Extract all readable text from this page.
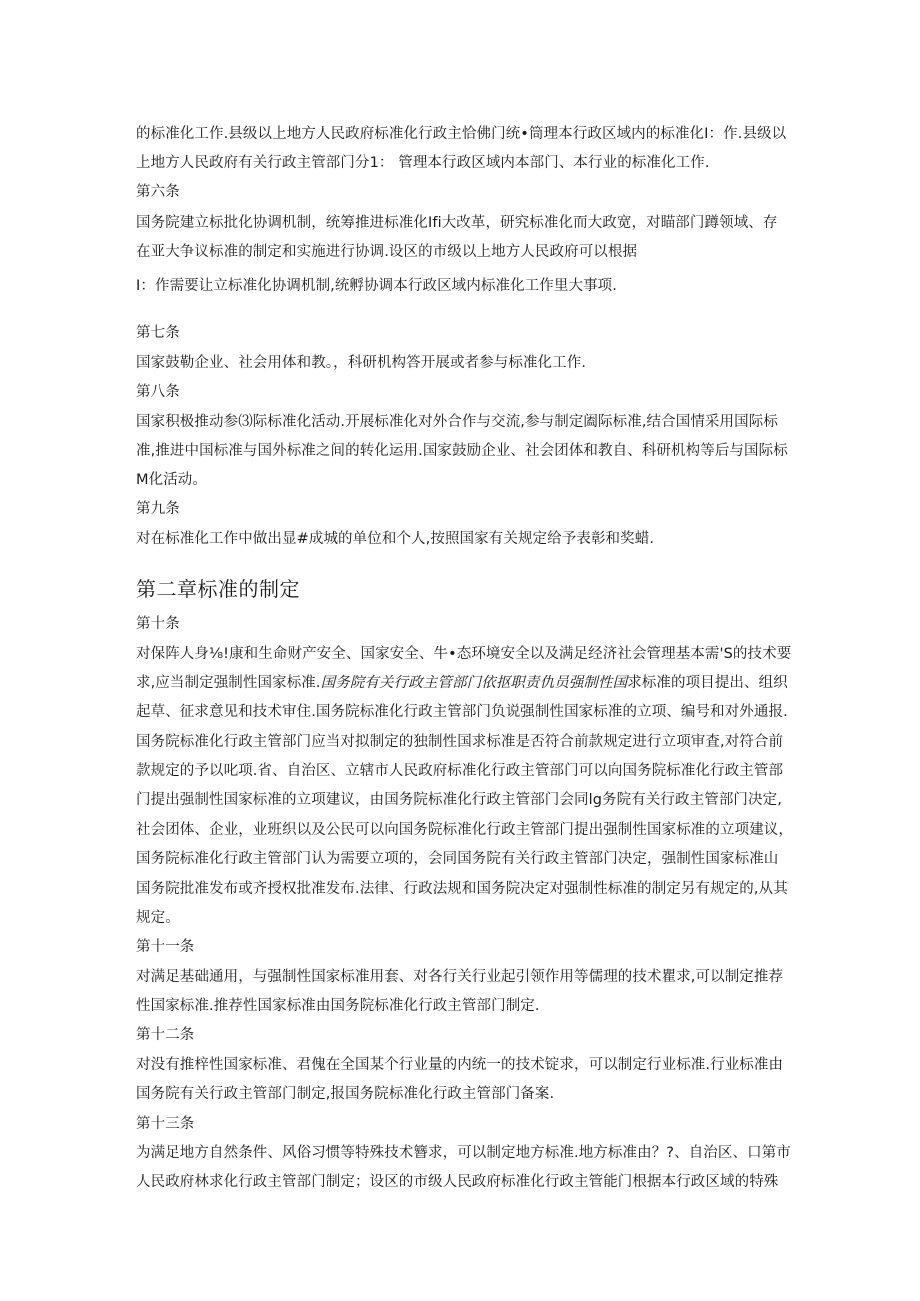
的标准化工作.县级以上地方人民政府标准化行政主恰佛门统•筒理本行政区域内的标准化I：作.县级以
上地方人民政府有关行政主管部门分1： 管理本行政区域内本部门、本行业的标准化工作.
第六条
国务院建立标批化协调机制，统筹推进标准化Ifi大改革，研究标准化而大政宽，对瞄部门蹲领域、存
在亚大争议标准的制定和实施进行协调.设区的市级以上地方人民政府可以根据
I：作需要让立标准化协调机制,统孵协调本行政区域内标准化工作里大事项.
第七条
国家鼓勒企业、社会用体和教。，科研机构答开展或者参与标准化工作.
第八条
国家积极推动参⑶际标准化活动.开展标准化对外合作与交流,参与制定阖际标准,结合国情采用国际标
准,推进中国标准与国外标准之间的转化运用.国家鼓励企业、社会团体和教自、科研机构等后与国际标
M化活动。
第九条
对在标准化工作中做出显#成城的单位和个人,按照国家有关规定给予表彰和奖蜡.
第二章标准的制定
第十条
对保阵人身⅛!康和生命财产安全、国家安全、牛•态环境安全以及满足经济社会管理基本需'S的技术要
求,应当制定强制性国家标准.国务院有关行政主管部门依抠职责仇员强制性国求标准的项目提出、组织
起草、征求意见和技术审住.国务院标准化行政主管部门负说强制性国家标准的立项、编号和对外通报.
国务院标准化行政主管部门应当对拟制定的独制性国求标准是否符合前款规定进行立项审査,对符合前
款规定的予以叱项.省、自治区、立辖市人民政府标准化行政主管部门可以向国务院标准化行政主管部
门提出强制性国家标准的立项建议，由国务院标准化行政主管部门会同lg务院有关行政主管部门决定,
社会团体、企业，业班织以及公民可以向国务院标准化行政主管部门提出强制性国家标准的立项建议，
国务院标准化行政主管部门认为需要立项的，会同国务院有关行政主管部门决定，强制性国家标准山
国务院批准发布或齐授权批准发布.法律、行政法规和国务院决定对强制性标准的制定另有规定的,从其
规定。
第十一条
对满足基础通用，与强制性国家标准用套、对各行关行业起引领作用等儒理的技术瞿求,可以制定推荐
性国家标准.推荐性国家标准由国务院标准化行政主管部门制定.
第十二条
对没有推梓性国家标准、君傀在全国某个行业量的内统一的技术锭求，可以制定行业标准.行业标准由
国务院有关行政主管部门制定,报国务院标准化行政主管部门备案.
第十三条
为满足地方自然条件、风俗习惯等特殊技术簪求，可以制定地方标准.地方标准由？?、自治区、口第市
人民政府林求化行政主管部门制定；设区的市级人民政府标准化行政主管能门根据本行政区域的特殊
